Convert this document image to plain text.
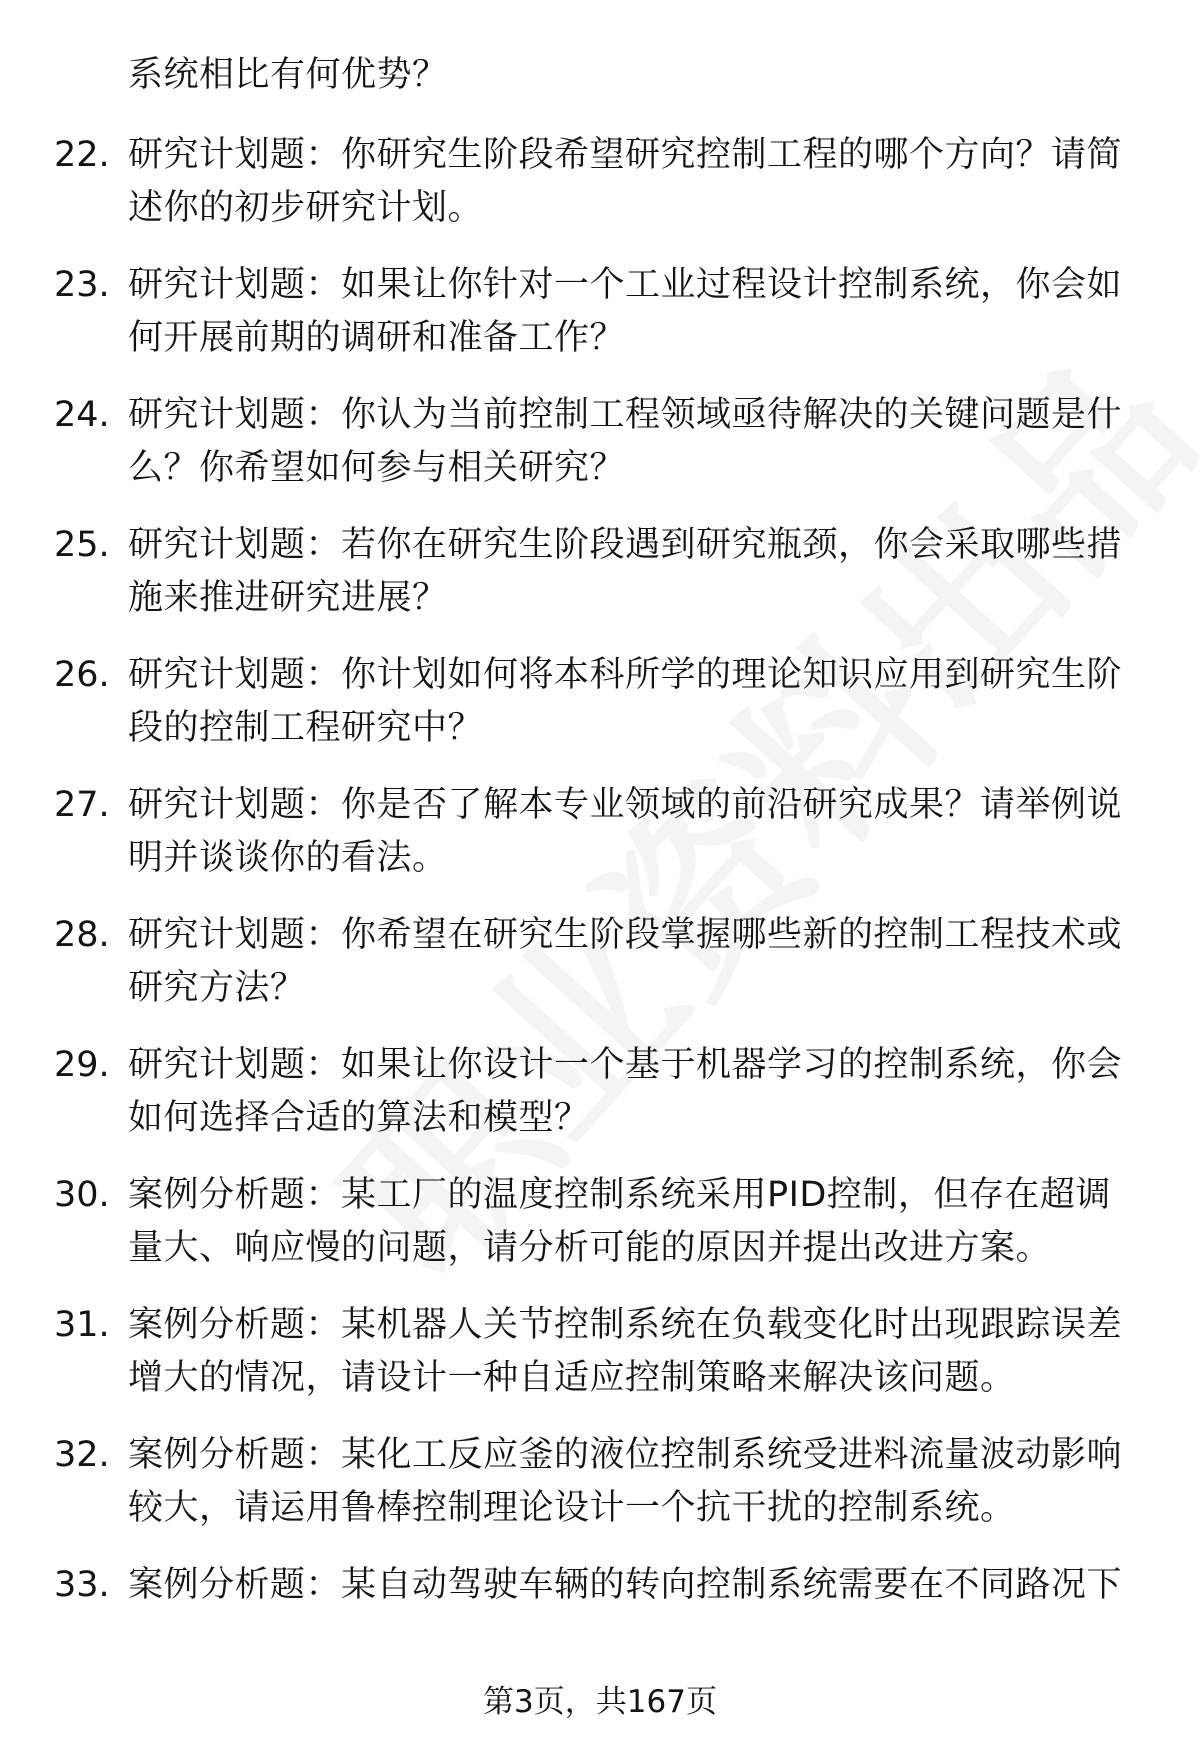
系统相比有何优势？
22. 研究计划题：你研究生阶段希望研究控制工程的哪个方向？请简
述你的初步研究计划。
23. 研究计划题：如果让你针对一个工业过程设计控制系统，你会如
何开展前期的调研和准备工作？
24. 研究计划题：你认为当前控制工程领域亟待解决的关键问题是什
么？你希望如何参与相关研究？
25. 研究计划题：若你在研究生阶段遇到研究瓶颈，你会采取哪些措
施来推进研究进展？
26. 研究计划题：你计划如何将本科所学的理论知识应用到研究生阶
段的控制工程研究中？
27. 研究计划题：你是否了解本专业领域的前沿研究成果？请举例说
明并谈谈你的看法。
28. 研究计划题：你希望在研究生阶段掌握哪些新的控制工程技术或
研究方法？
29. 研究计划题：如果让你设计一个基于机器学习的控制系统，你会
如何选择合适的算法和模型？
30. 案例分析题：某工厂的温度控制系统采用PID控制，但存在超调
量大、响应慢的问题，请分析可能的原因并提出改进方案。
31. 案例分析题：某机器人关节控制系统在负载变化时出现跟踪误差
增大的情况，请设计一种自适应控制策略来解决该问题。
32. 案例分析题：某化工反应釜的液位控制系统受进料流量波动影响
较大，请运用鲁棒控制理论设计一个抗干扰的控制系统。
33. 案例分析题：某自动驾驶车辆的转向控制系统需要在不同路况下
第3页，共167页
